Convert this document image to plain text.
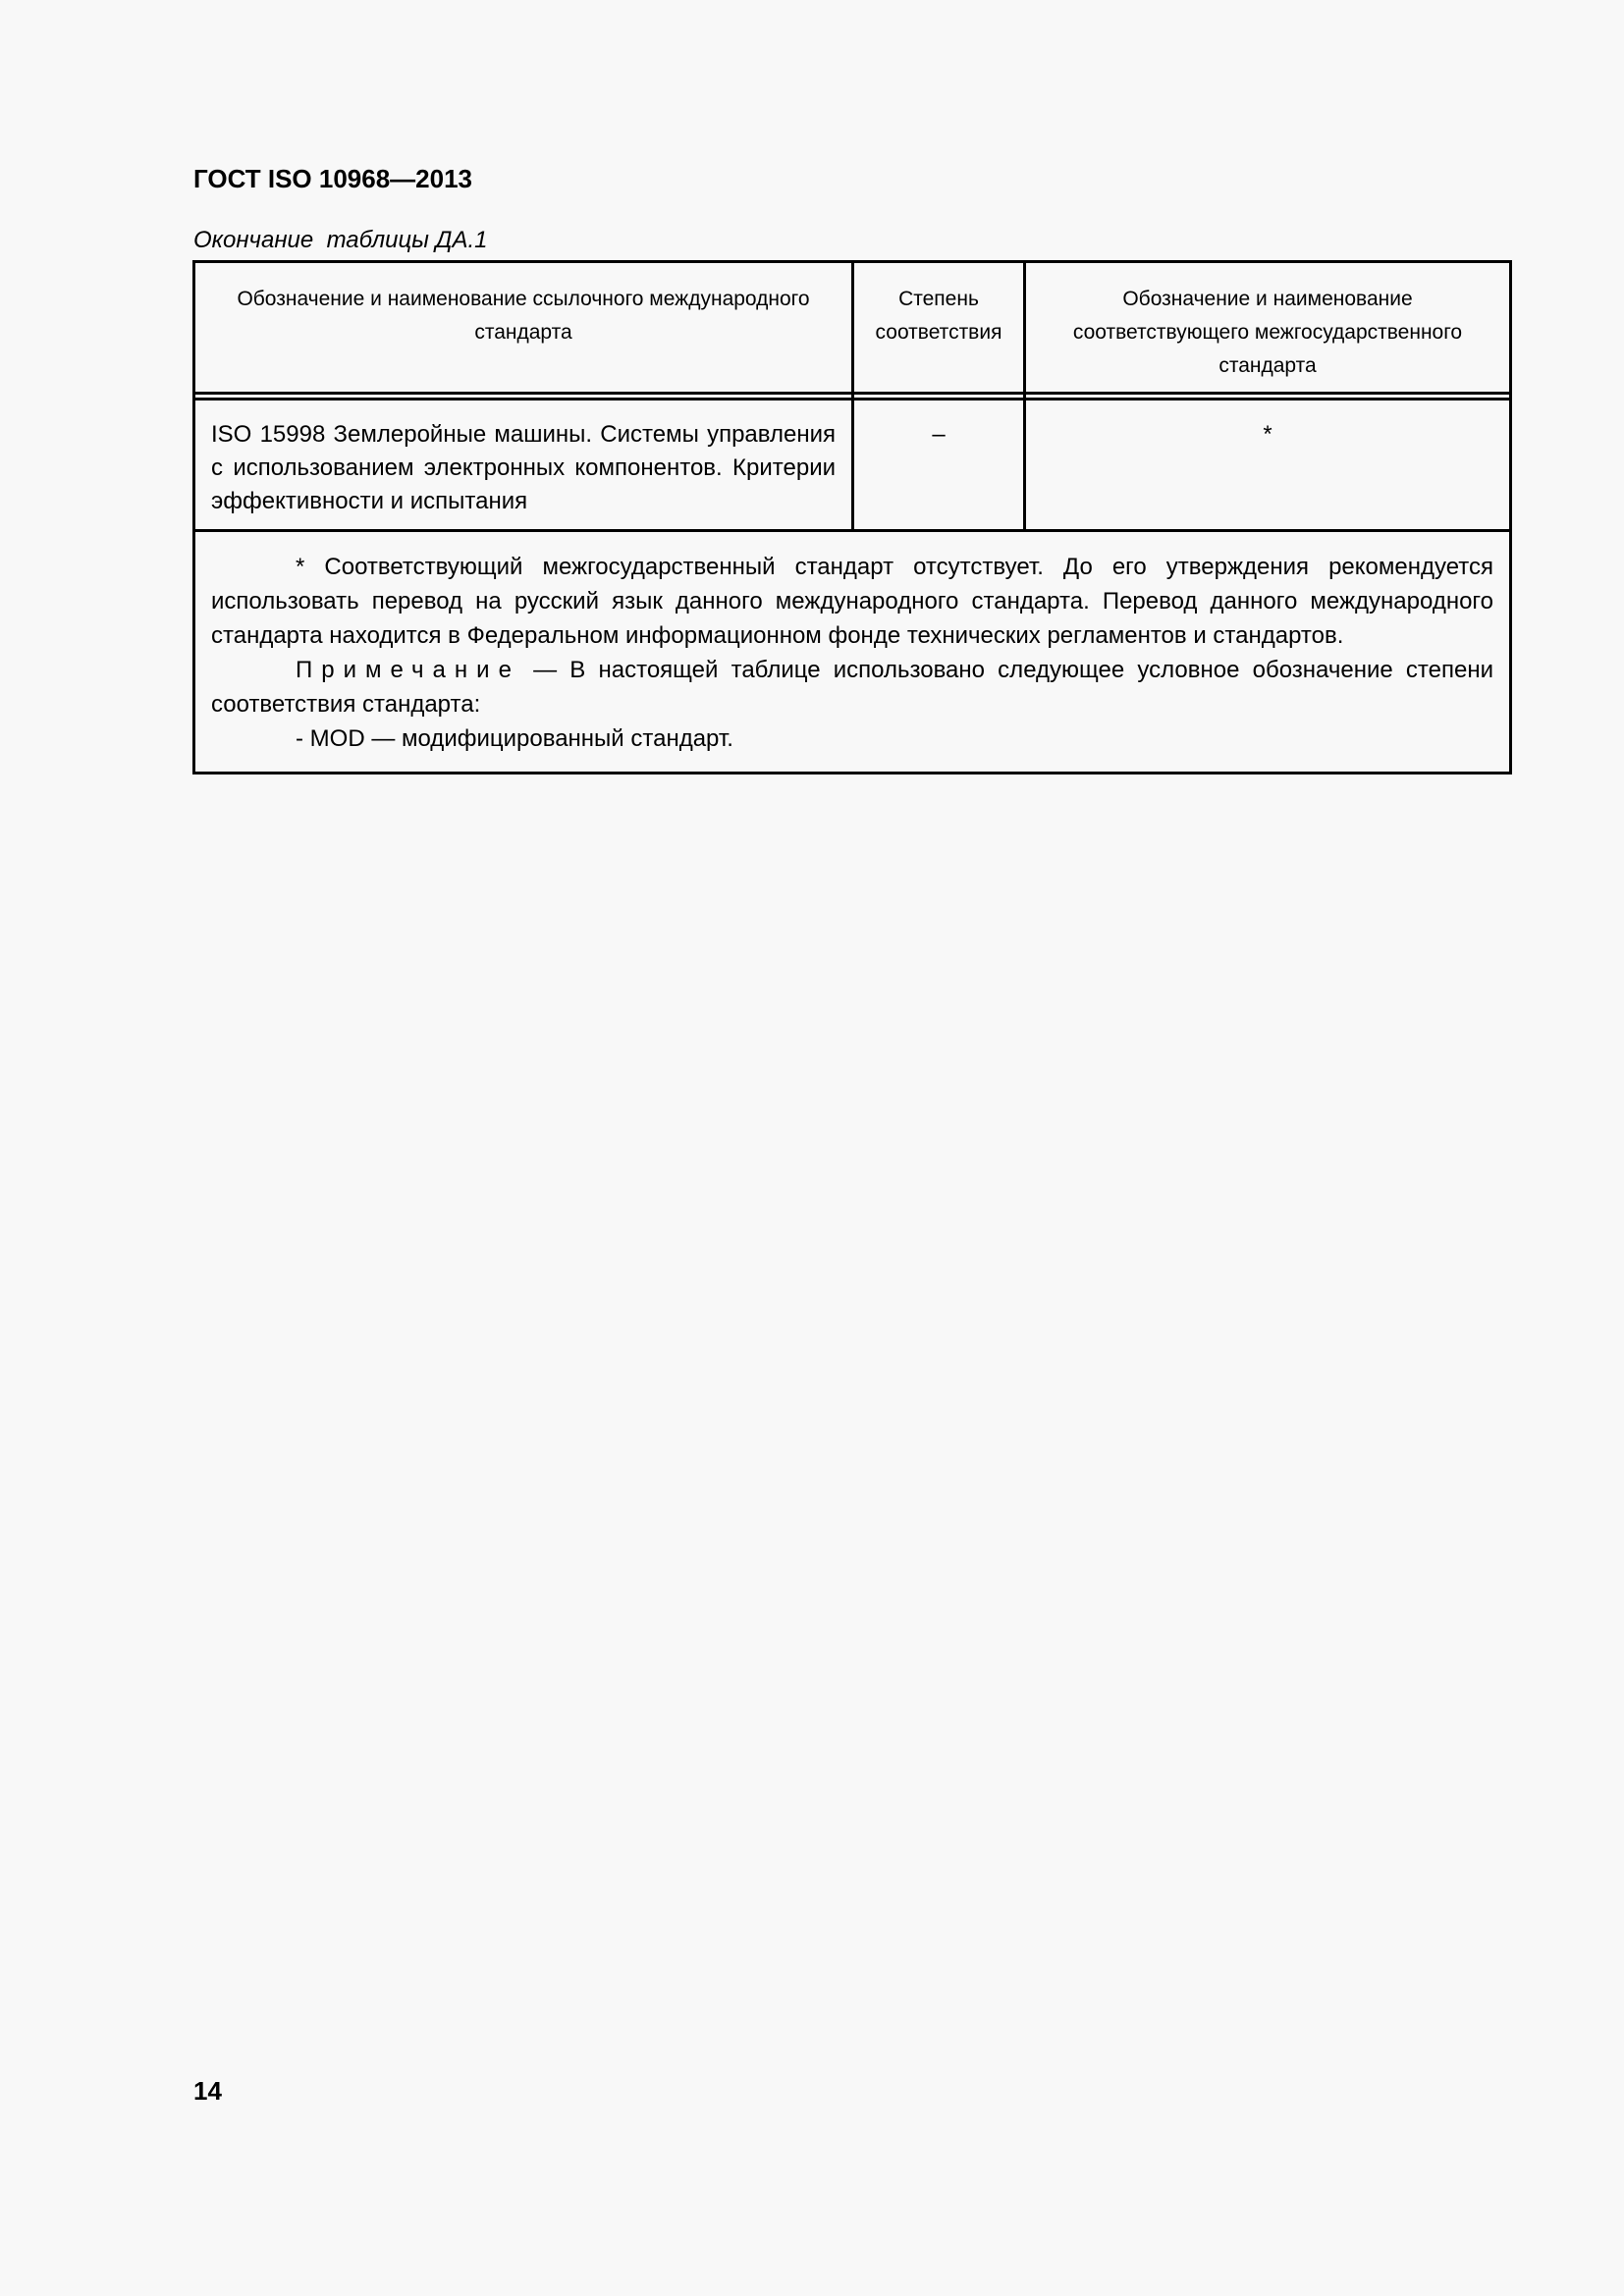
ГОСТ ISO 10968—2013
Окончание  таблицы ДА.1
Обозначение и наименование ссылочного международного стандарта	Степень соответствия	Обозначение и наименование соответствующего межгосударственного стандарта

ISO 15998 Землеройные машины. Системы управления с использованием электронных компонентов. Критерии эффективности и испытания	–	*

* Соответствующий межгосударственный стандарт отсутствует. До его утверждения рекомендуется использовать перевод на русский язык данного международного стандарта. Перевод данного международного стандарта находится в Федеральном информационном фонде технических регламентов и стандартов.

Примечание — В настоящей таблице использовано следующее условное обозначение степени соответствия стандарта:

- MOD — модифицированный стандарт.		

14
